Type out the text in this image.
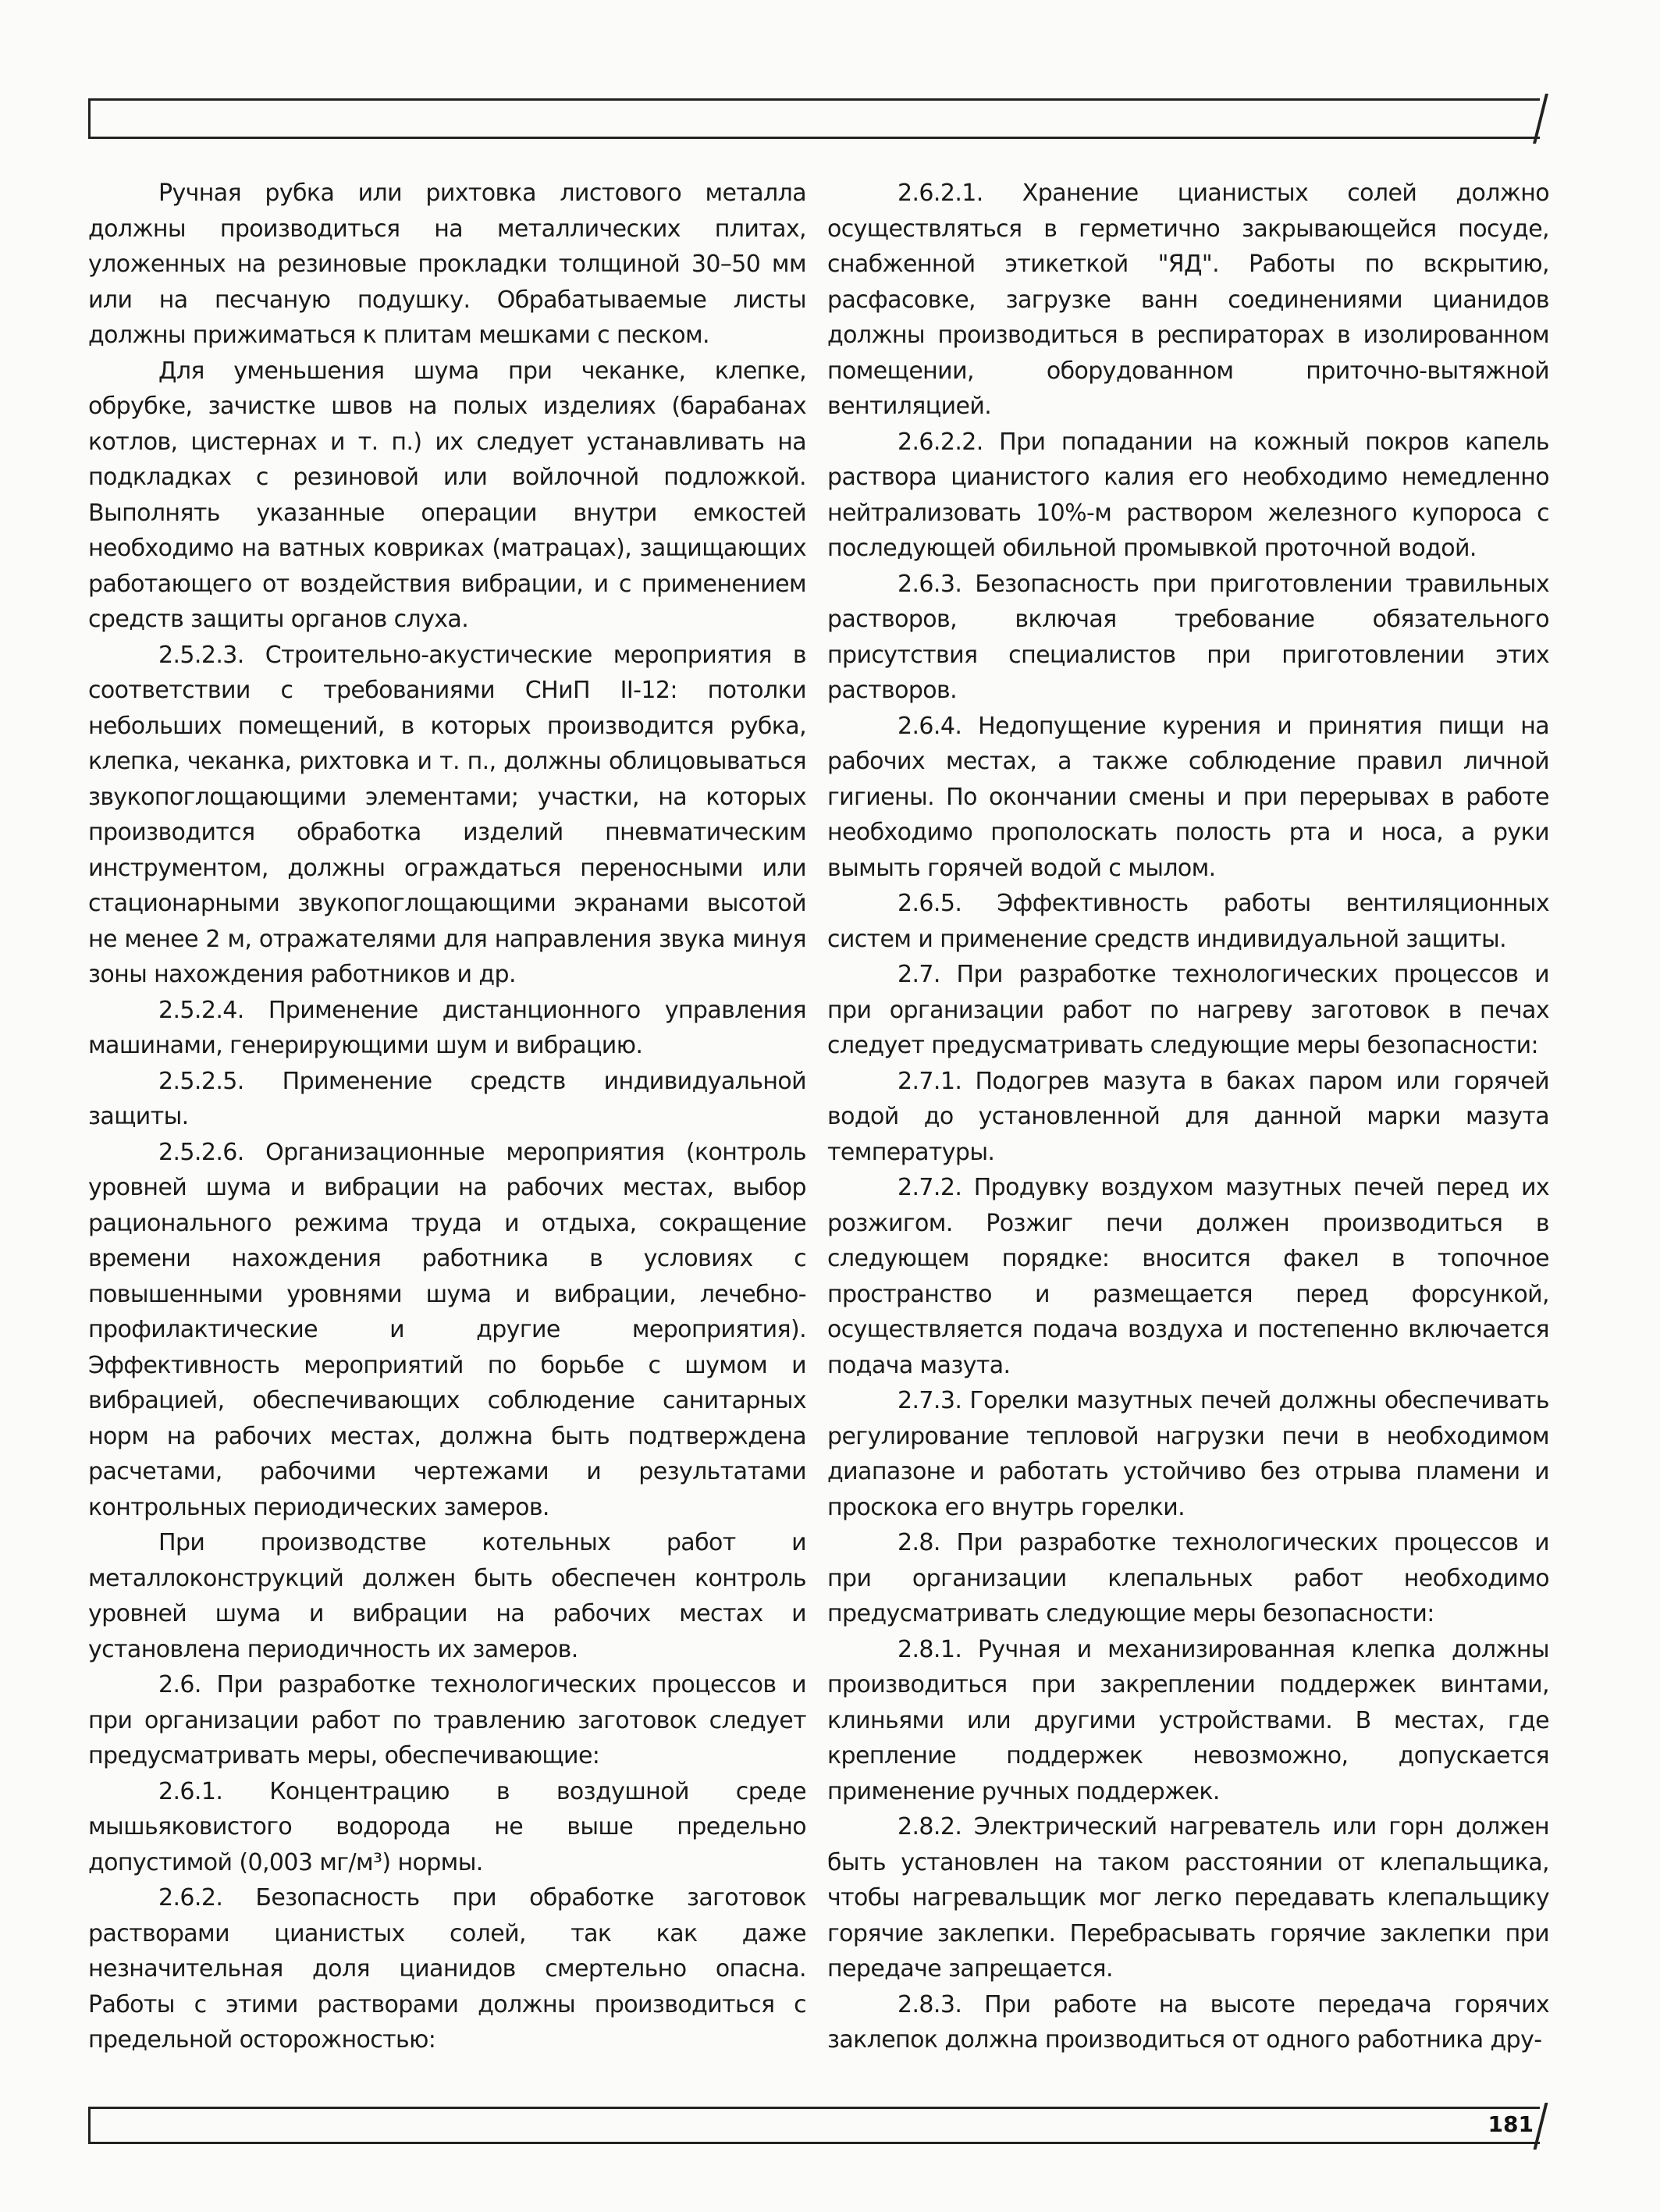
Ручная рубка или рихтовка листового металла должны производиться на металлических плитах, уложенных на резиновые прокладки толщиной 30–50 мм или на песчаную подушку. Обрабатываемые листы должны прижиматься к плитам мешками с песком.

Для уменьшения шума при чеканке, клепке, обрубке, зачистке швов на полых изделиях (барабанах котлов, цистернах и т. п.) их следует устанавливать на подкладках с резиновой или войлочной подложкой. Выполнять указанные операции внутри емкостей необходимо на ватных ковриках (матрацах), защищающих работающего от воздействия вибрации, и с применением средств защиты органов слуха.

2.5.2.3. Строительно-акустические мероприятия в соответствии с требованиями СНиП II-12: потолки небольших помещений, в которых производится рубка, клепка, чеканка, рихтовка и т. п., должны облицовываться звукопоглощающими элементами; участки, на которых производится обработка изделий пневматическим инструментом, должны ограждаться переносными или стационарными звукопоглощающими экранами высотой не менее 2 м, отражателями для направления звука минуя зоны нахождения работников и др.

2.5.2.4. Применение дистанционного управления машинами, генерирующими шум и вибрацию.

2.5.2.5. Применение средств индивидуальной защиты.

2.5.2.6. Организационные мероприятия (контроль уровней шума и вибрации на рабочих местах, выбор рационального режима труда и отдыха, сокращение времени нахождения работника в условиях с повышенными уровнями шума и вибрации, лечебно-профилактические и другие мероприятия). Эффективность мероприятий по борьбе с шумом и вибрацией, обеспечивающих соблюдение санитарных норм на рабочих местах, должна быть подтверждена расчетами, рабочими чертежами и результатами контрольных периодических замеров.

При производстве котельных работ и металлоконструкций должен быть обеспечен контроль уровней шума и вибрации на рабочих местах и установлена периодичность их замеров.

2.6. При разработке технологических процессов и при организации работ по травлению заготовок следует предусматривать меры, обеспечивающие:

2.6.1. Концентрацию в воздушной среде мышьяковистого водорода не выше предельно допустимой (0,003 мг/м³) нормы.

2.6.2. Безопасность при обработке заготовок растворами цианистых солей, так как даже незначительная доля цианидов смертельно опасна. Работы с этими растворами должны производиться с предельной осторожностью:

2.6.2.1. Хранение цианистых солей должно осуществляться в герметично закрывающейся посуде, снабженной этикеткой "ЯД". Работы по вскрытию, расфасовке, загрузке ванн соединениями цианидов должны производиться в респираторах в изолированном помещении, оборудованном приточно-вытяжной вентиляцией.

2.6.2.2. При попадании на кожный покров капель раствора цианистого калия его необходимо немедленно нейтрализовать 10%-м раствором железного купороса с последующей обильной промывкой проточной водой.

2.6.3. Безопасность при приготовлении травильных растворов, включая требование обязательного присутствия специалистов при приготовлении этих растворов.

2.6.4. Недопущение курения и принятия пищи на рабочих местах, а также соблюдение правил личной гигиены. По окончании смены и при перерывах в работе необходимо прополоскать полость рта и носа, а руки вымыть горячей водой с мылом.

2.6.5. Эффективность работы вентиляционных систем и применение средств индивидуальной защиты.

2.7. При разработке технологических процессов и при организации работ по нагреву заготовок в печах следует предусматривать следующие меры безопасности:

2.7.1. Подогрев мазута в баках паром или горячей водой до установленной для данной марки мазута температуры.

2.7.2. Продувку воздухом мазутных печей перед их розжигом. Розжиг печи должен производиться в следующем порядке: вносится факел в топочное пространство и размещается перед форсункой, осуществляется подача воздуха и постепенно включается подача мазута.

2.7.3. Горелки мазутных печей должны обеспечивать регулирование тепловой нагрузки печи в необходимом диапазоне и работать устойчиво без отрыва пламени и проскока его внутрь горелки.

2.8. При разработке технологических процессов и при организации клепальных работ необходимо предусматривать следующие меры безопасности:

2.8.1. Ручная и механизированная клепка должны производиться при закреплении поддержек винтами, клиньями или другими устройствами. В местах, где крепление поддержек невозможно, допускается применение ручных поддержек.

2.8.2. Электрический нагреватель или горн должен быть установлен на таком расстоянии от клепальщика, чтобы нагревальщик мог легко передавать клепальщику горячие заклепки. Перебрасывать горячие заклепки при передаче запрещается.

2.8.3. При работе на высоте передача горячих заклепок должна производиться от одного работника дру-

181
